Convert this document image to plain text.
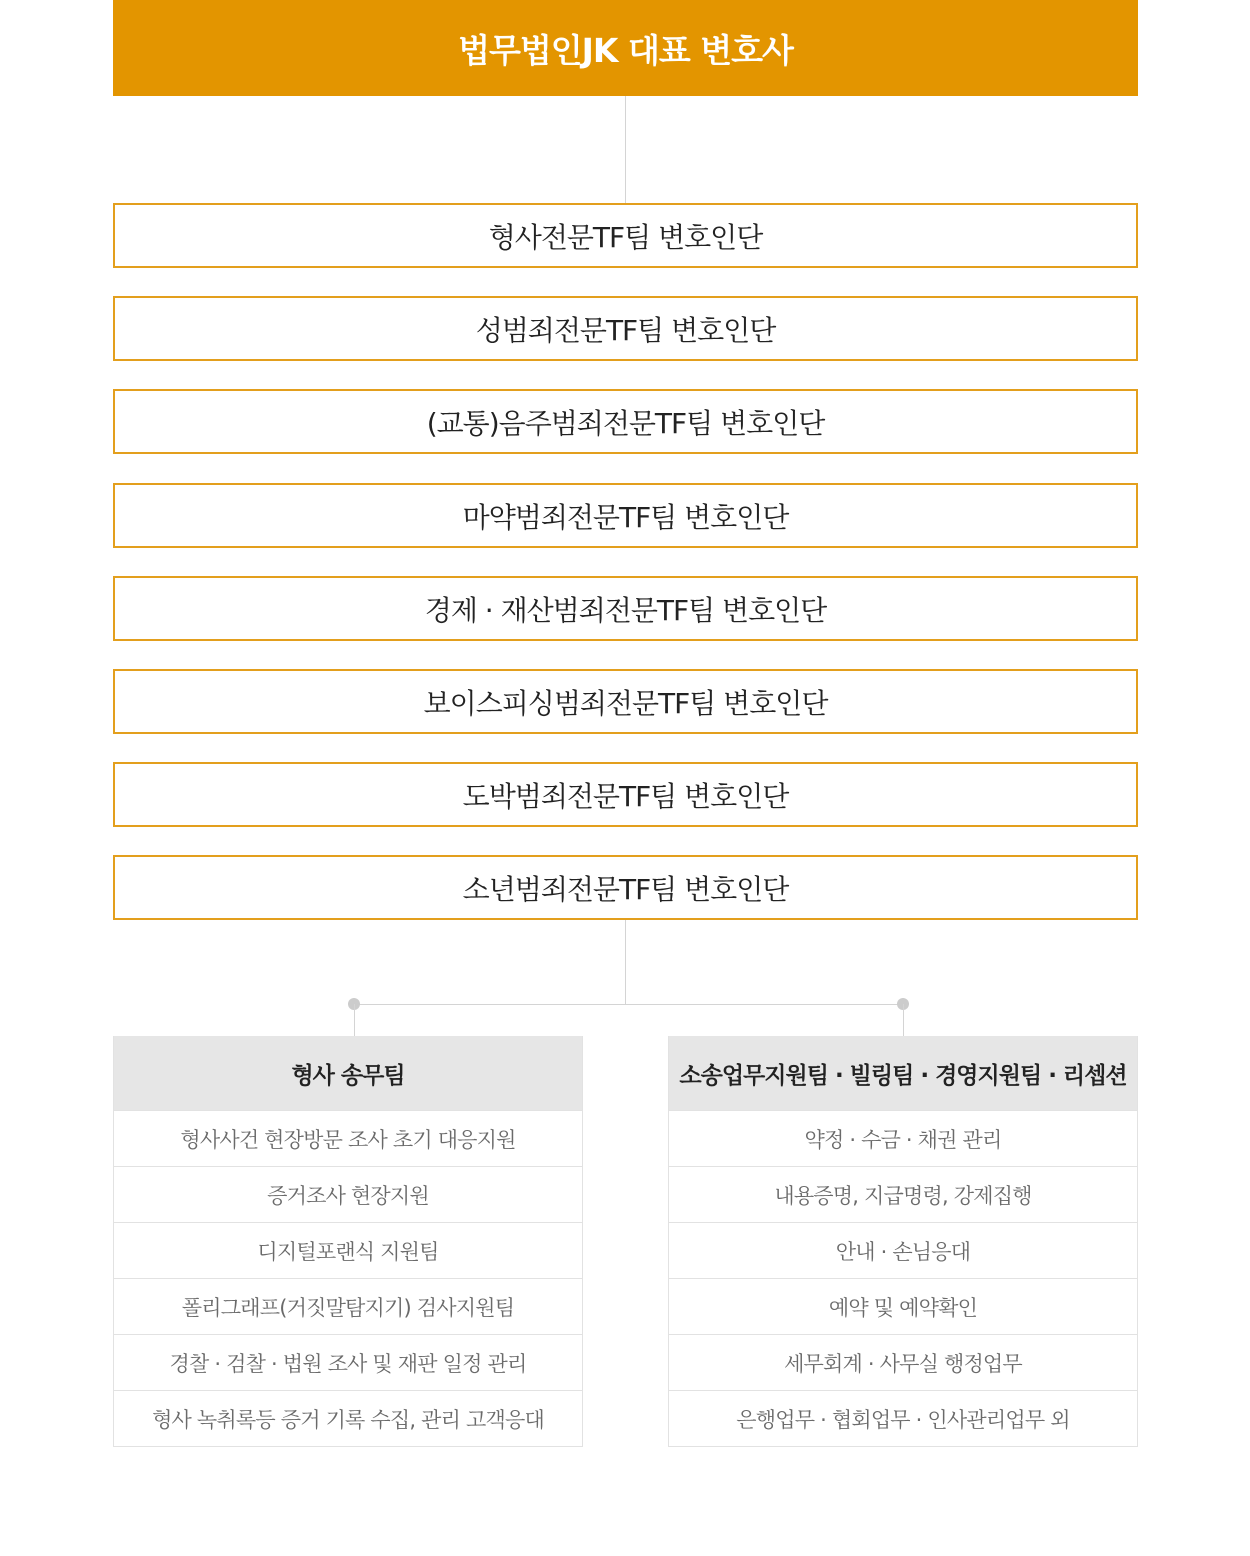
법무법인JK 대표 변호사
형사전문TF팀 변호인단
성범죄전문TF팀 변호인단
(교통)음주범죄전문TF팀 변호인단
마약범죄전문TF팀 변호인단
경제 · 재산범죄전문TF팀 변호인단
보이스피싱범죄전문TF팀 변호인단
도박범죄전문TF팀 변호인단
소년범죄전문TF팀 변호인단
형사 송무팀
형사사건 현장방문 조사 초기 대응지원
증거조사 현장지원
디지털포랜식 지원팀
폴리그래프(거짓말탐지기) 검사지원팀
경찰 · 검찰 · 법원 조사 및 재판 일정 관리
형사 녹취록등 증거 기록 수집, 관리 고객응대
소송업무지원팀 · 빌링팀 · 경영지원팀 · 리셉션
약정 · 수금 · 채권 관리
내용증명, 지급명령, 강제집행
안내 · 손님응대
예약 및 예약확인
세무회계 · 사무실 행정업무
은행업무 · 협회업무 · 인사관리업무 외
